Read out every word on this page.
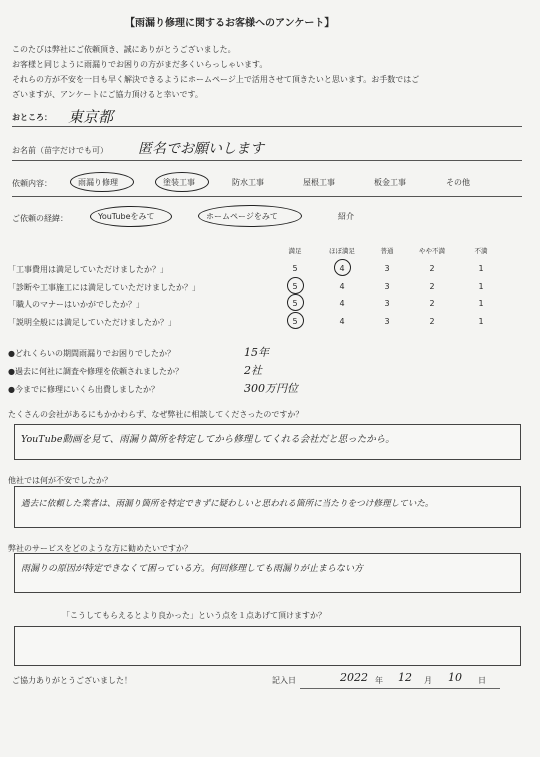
【雨漏り修理に関するお客様へのアンケート】
このたびは弊社にご依頼頂き、誠にありがとうございました。
お客様と同じように雨漏りでお困りの方がまだ多くいらっしゃいます。
それらの方が不安を一日も早く解決できるようにホームページ上で活用させて頂きたいと思います。お手数ではご
ざいますが、アンケートにご協力頂けると幸いです。
おところ： 東京都
お名前（苗字だけでも可） 匿名でお願いします
依頼内容：	雨漏り修理	塗装工事	防水工事	屋根工事	板金工事	その他
ご依頼の経緯：	YouTubeをみて	ホームページをみて	紹介
満足	ほぼ満足	普通	やや不満	不満
「工事費用は満足していただけましたか？」	5	4	3	2	1
「診断や工事施工には満足していただけましたか？」	5	4	3	2	1
「職人のマナーはいかがでしたか？」	5	4	3	2	1
「説明全般には満足していただけましたか？」	5	4	3	2	1
●どれくらいの期間雨漏りでお困りでしたか？	15年
●過去に何社に調査や修理を依頼されましたか？	2社
●今までに修理にいくら出費しましたか？	300万円位
たくさんの会社があるにもかかわらず、なぜ弊社に相談してくださったのですか？
YouTube動画を見て、雨漏り箇所を特定してから修理してくれる会社だと思ったから。
他社では何が不安でしたか？
過去に依頼した業者は、雨漏り箇所を特定できずに疑わしいと思われる箇所に当たりをつけ修理していた。
弊社のサービスをどのような方に勧めたいですか？
雨漏りの原因が特定できなくて困っている方。何回修理しても雨漏りが止まらない方
「こうしてもらえるとより良かった」という点を１点あげて頂けますか？
ご協力ありがとうございました！	記入日	2022 年 12 月 10 日
